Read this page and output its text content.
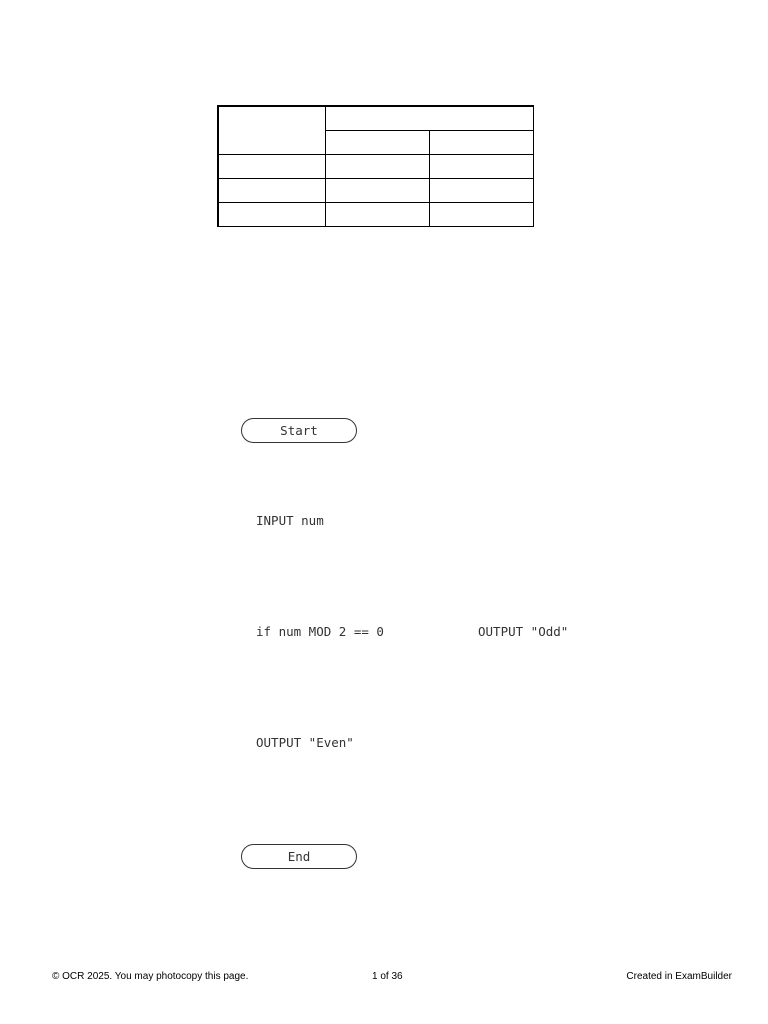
Start
INPUT num
if num MOD 2 == 0	OUTPUT "Odd"
OUTPUT "Even"
End
© OCR 2025. You may photocopy this page.	1 of 36	Created in ExamBuilder
